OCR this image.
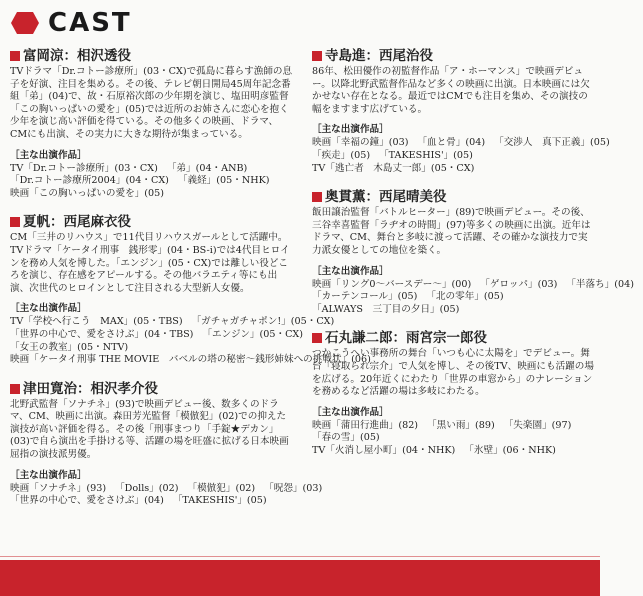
CAST
富岡涼：相沢透役

TVドラマ「Dr.コトー診療所」(03・CX)で孤島に暮らす漁師の息子を好演、注目を集める。その後、テレビ朝日開局45周年記念番組「弟」(04)で、故・石原裕次郎の少年期を演じ、塩田明彦監督「この胸いっぱいの愛を」(05)では近所のお姉さんに恋心を抱く少年を演じ高い評価を得ている。その他多くの映画、ドラマ、CMにも出演、その実力に大きな期待が集まっている。

［主な出演作品］
TV「Dr.コトー診療所」(03・CX) 「弟」(04・ANB)
「Dr.コトー診療所2004」(04・CX) 「義経」(05・NHK)
映画「この胸いっぱいの愛を」(05)
夏帆：西尾麻衣役

CM「三井のリハウス」で11代目リハウスガールとして活躍中。TVドラマ「ケータイ刑事　銭形零」(04・BS-i)では4代目ヒロインを務め人気を博した。「エンジン」(05・CX)では離しい役どころを演じ、存在感をアピールする。その他バラエティ等にも出演、次世代のヒロインとして注目される大型新人女優。

［主な出演作品］
TV「学校へ行こう　MAX」(05・TBS) 「ガチャガチャポン!」(05・CX)
「世界の中心で、愛をさけぶ」(04・TBS) 「エンジン」(05・CX)
「女王の教室」(05・NTV)
映画「ケータイ刑事 THE MOVIE　バベルの塔の秘密～銭形姉妹への挑戦状」(06)
津田寛治：相沢孝介役

北野武監督「ソナチネ」(93)で映画デビュー後、数多くのドラマ、CM、映画に出演。森田芳光監督「模倣犯」(02)での抑えた演技が高い評価を得る。その後「刑事まつり「手錠★デカン」(03)で自ら演出を手掛ける等、活躍の場を旺盛に拡げる日本映画屈指の演技派男優。

［主な出演作品］
映画「ソナチネ」(93) 「Dolls」(02) 「模倣犯」(02) 「呪怨」(03)
「世界の中心で、愛をさけぶ」(04) 「TAKESHIS'」(05)
寺島進：西尾治役

86年、松田優作の初監督作品「ア・ホーマンス」で映画デビュー。以降北野武監督作品など多くの映画に出演。日本映画には欠かせない存在となる。最近ではCMでも注目を集め、その演技の幅をますます広げている。

［主な出演作品］
映画「幸福の鐘」(03) 「血と骨」(04) 「交渉人　真下正義」(05)
「疾走」(05) 「TAKESHIS'」(05)
TV「逃亡者　木島丈一郎」(05・CX)
奥貫薫：西尾晴美役

飯田譲治監督「バトルヒーター」(89)で映画デビュー。その後、三谷幸喜監督「ラヂオの時間」(97)等多くの映画に出演。近年はドラマ、CM、舞台と多岐に渡って活躍、その確かな演技力で実力派女優としての地位を築く。

［主な出演作品］
映画「リング0～バースデー～」(00) 「ゲロッパ」(03) 「半落ち」(04)
「カーテンコール」(05) 「北の零年」(05)
「ALWAYS　三丁目の夕日」(05)
石丸謙二郎：雨宮宗一郎役

つかこうへい事務所の舞台「いつも心に太陽を」でデビュー。舞台「寝取られ宗介」で人気を博し、その後TV、映画にも活躍の場を広げる。20年近くにわたり「世界の車窓から」のナレーションを務めるなど活躍の場は多岐にわたる。

［主な出演作品］
映画「蒲田行進曲」(82) 「黒い雨」(89) 「失楽園」(97)
「春の雪」(05)
TV「火消し屋小町」(04・NHK) 「氷壁」(06・NHK)
